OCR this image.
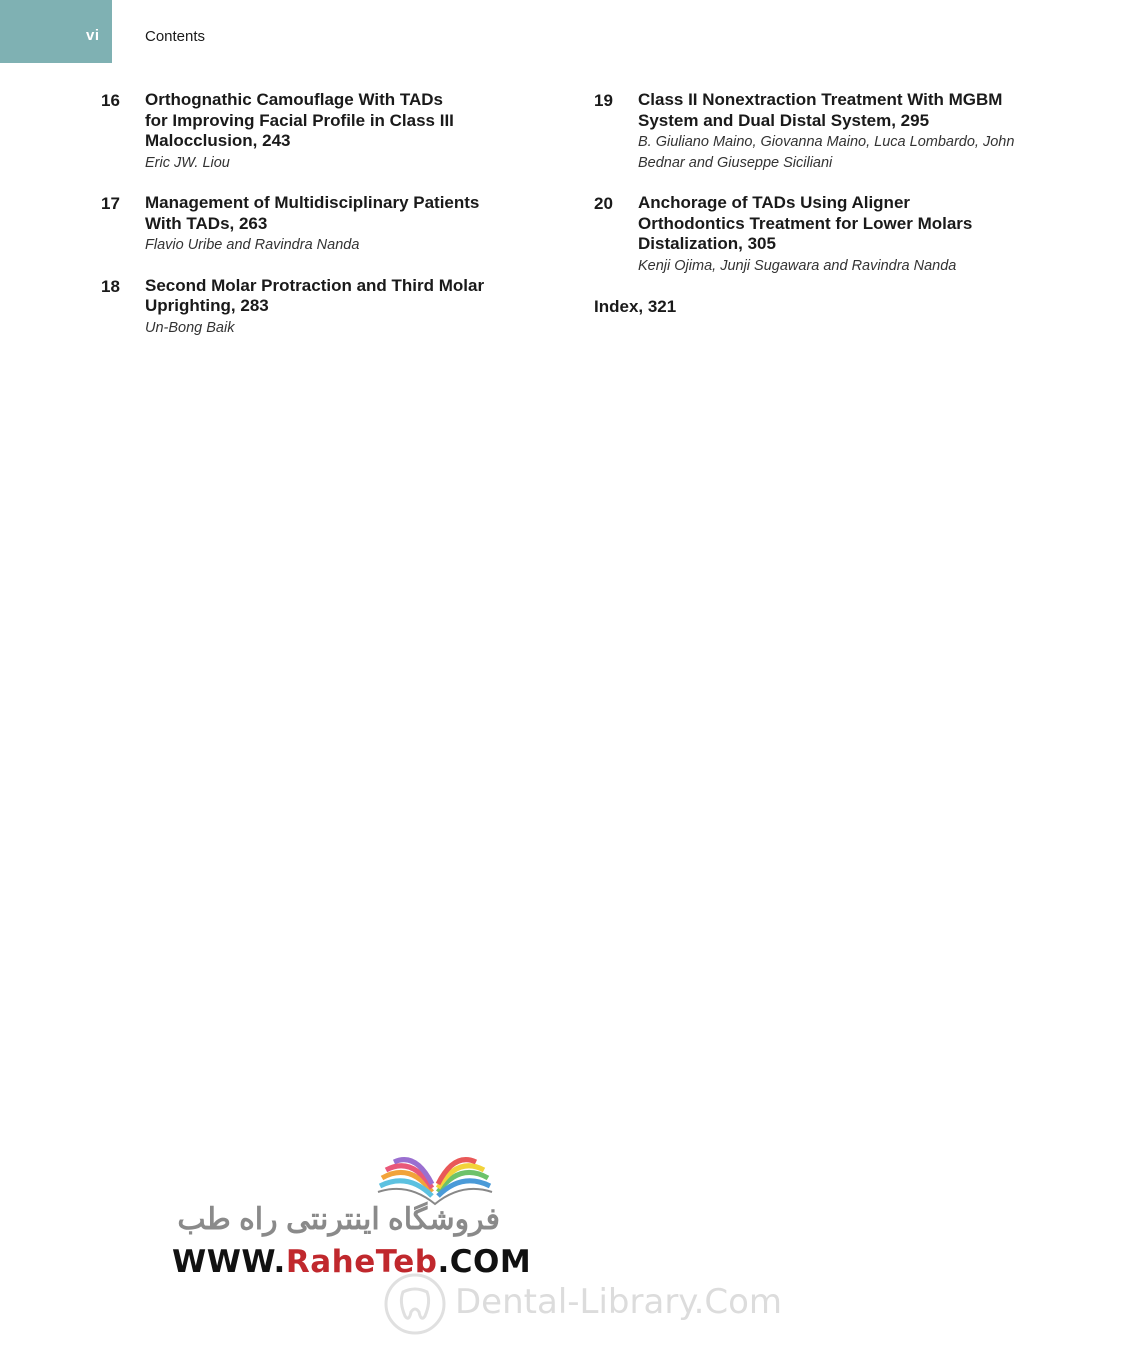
vi	Contents
16 Orthognathic Camouflage With TADs
for Improving Facial Profile in Class III
Malocclusion, 243
Eric JW. Liou
17 Management of Multidisciplinary Patients
With TADs, 263
Flavio Uribe and Ravindra Nanda
18 Second Molar Protraction and Third Molar
Uprighting, 283
Un-Bong Baik
19 Class II Nonextraction Treatment With MGBM
System and Dual Distal System, 295
B. Giuliano Maino, Giovanna Maino, Luca Lombardo, John
Bednar and Giuseppe Siciliani
20 Anchorage of TADs Using Aligner
Orthodontics Treatment for Lower Molars
Distalization, 305
Kenji Ojima, Junji Sugawara and Ravindra Nanda
Index, 321
فروشگاه اینترنتی راه طب
WWW.RaheTeb.COM
Dental-Library.Com
